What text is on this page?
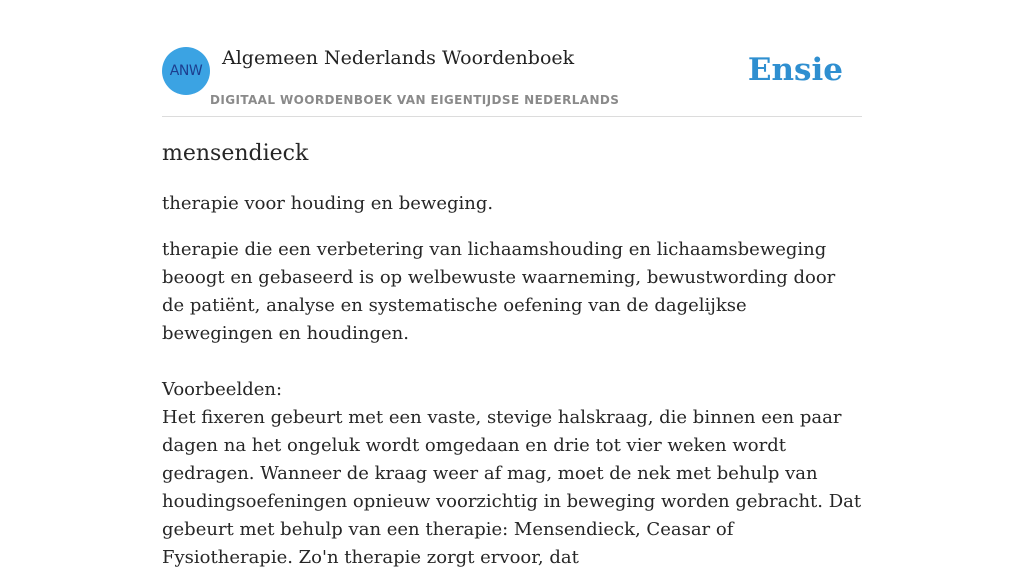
ANW
Algemeen Nederlands Woordenboek
DIGITAAL WOORDENBOEK VAN EIGENTIJDSE NEDERLANDS
Ensie
mensendieck

therapie voor houding en beweging.

therapie die een verbetering van lichaamshouding en lichaamsbeweging beoogt en gebaseerd is op welbewuste waarneming, bewustwording door de patiënt, analyse en systematische oefening van de dagelijkse bewegingen en houdingen.

Voorbeelden:

Het fixeren gebeurt met een vaste, stevige halskraag, die binnen een paar dagen na het ongeluk wordt omgedaan en drie tot vier weken wordt gedragen. Wanneer de kraag weer af mag, moet de nek met behulp van houdingsoefeningen opnieuw voorzichtig in beweging worden gebracht. Dat gebeurt met behulp van een therapie: Mensendieck, Ceasar of Fysiotherapie. Zo'n therapie zorgt ervoor, dat
